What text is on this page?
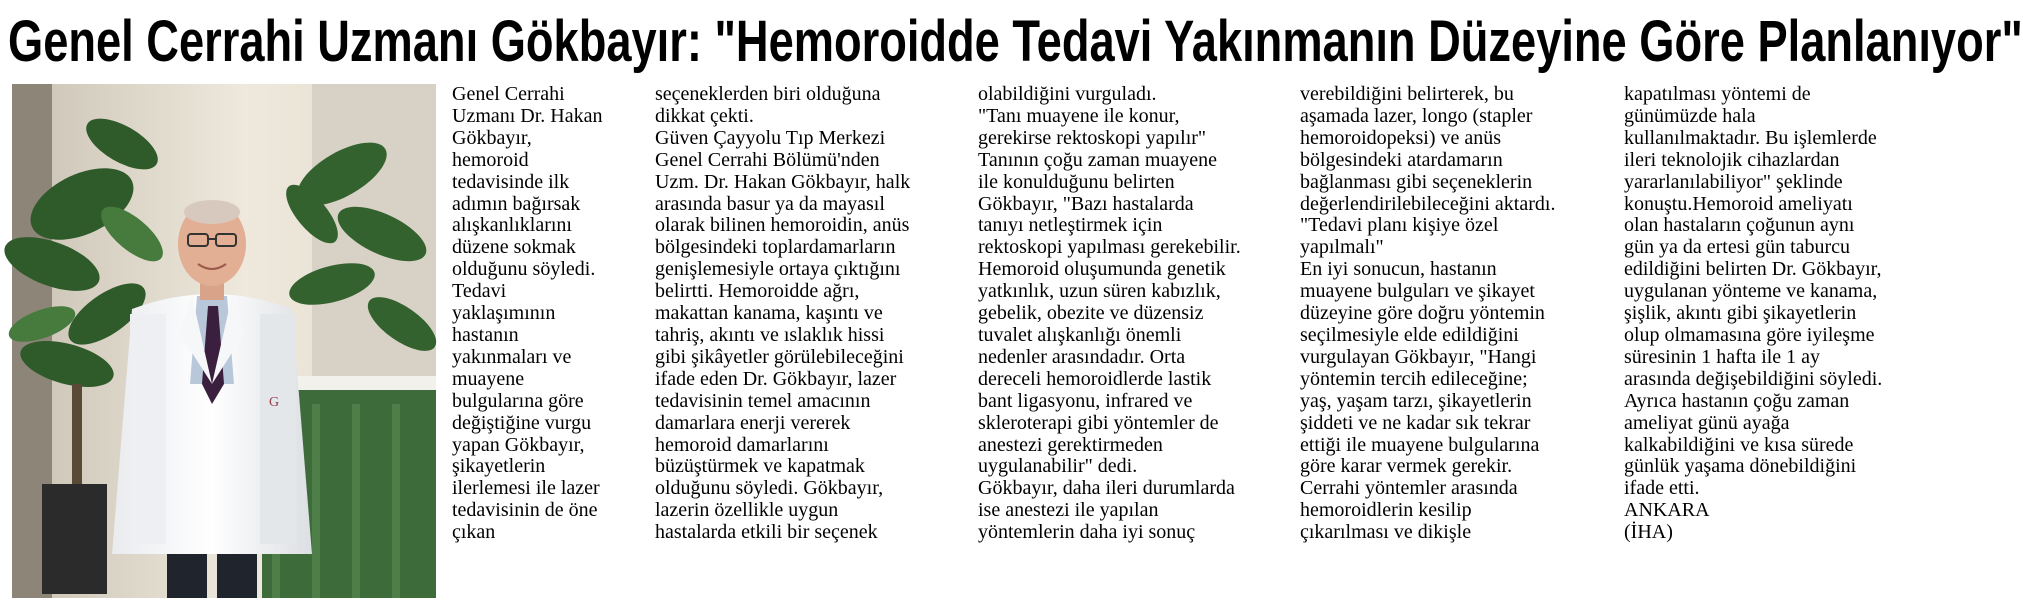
Genel Cerrahi Uzmanı Gökbayır: "Hemoroidde Tedavi Yakınmanın Düzeyine Göre Planlanıyor"
G
Genel Cerrahi
Uzmanı Dr. Hakan
Gökbayır,
hemoroid
tedavisinde ilk
adımın bağırsak
alışkanlıklarını
düzene sokmak
olduğunu söyledi.
Tedavi
yaklaşımının
hastanın
yakınmaları ve
muayene
bulgularına göre
değiştiğine vurgu
yapan Gökbayır,
şikayetlerin
ilerlemesi ile lazer
tedavisinin de öne
çıkan
seçeneklerden biri olduğuna
dikkat çekti.
Güven Çayyolu Tıp Merkezi
Genel Cerrahi Bölümü'nden
Uzm. Dr. Hakan Gökbayır, halk
arasında basur ya da mayasıl
olarak bilinen hemoroidin, anüs
bölgesindeki toplardamarların
genişlemesiyle ortaya çıktığını
belirtti. Hemoroidde ağrı,
makattan kanama, kaşıntı ve
tahriş, akıntı ve ıslaklık hissi
gibi şikâyetler görülebileceğini
ifade eden Dr. Gökbayır, lazer
tedavisinin temel amacının
damarlara enerji vererek
hemoroid damarlarını
büzüştürmek ve kapatmak
olduğunu söyledi. Gökbayır,
lazerin özellikle uygun
hastalarda etkili bir seçenek
olabildiğini vurguladı.
"Tanı muayene ile konur,
gerekirse rektoskopi yapılır"
Tanının çoğu zaman muayene
ile konulduğunu belirten
Gökbayır, "Bazı hastalarda
tanıyı netleştirmek için
rektoskopi yapılması gerekebilir.
Hemoroid oluşumunda genetik
yatkınlık, uzun süren kabızlık,
gebelik, obezite ve düzensiz
tuvalet alışkanlığı önemli
nedenler arasındadır. Orta
dereceli hemoroidlerde lastik
bant ligasyonu, infrared ve
skleroterapi gibi yöntemler de
anestezi gerektirmeden
uygulanabilir" dedi.
Gökbayır, daha ileri durumlarda
ise anestezi ile yapılan
yöntemlerin daha iyi sonuç
verebildiğini belirterek, bu
aşamada lazer, longo (stapler
hemoroidopeksi) ve anüs
bölgesindeki atardamarın
bağlanması gibi seçeneklerin
değerlendirilebileceğini aktardı.
"Tedavi planı kişiye özel
yapılmalı"
En iyi sonucun, hastanın
muayene bulguları ve şikayet
düzeyine göre doğru yöntemin
seçilmesiyle elde edildiğini
vurgulayan Gökbayır, "Hangi
yöntemin tercih edileceğine;
yaş, yaşam tarzı, şikayetlerin
şiddeti ve ne kadar sık tekrar
ettiği ile muayene bulgularına
göre karar vermek gerekir.
Cerrahi yöntemler arasında
hemoroidlerin kesilip
çıkarılması ve dikişle
kapatılması yöntemi de
günümüzde hala
kullanılmaktadır. Bu işlemlerde
ileri teknolojik cihazlardan
yararlanılabiliyor" şeklinde
konuştu.Hemoroid ameliyatı
olan hastaların çoğunun aynı
gün ya da ertesi gün taburcu
edildiğini belirten Dr. Gökbayır,
uygulanan yönteme ve kanama,
şişlik, akıntı gibi şikayetlerin
olup olmamasına göre iyileşme
süresinin 1 hafta ile 1 ay
arasında değişebildiğini söyledi.
Ayrıca hastanın çoğu zaman
ameliyat günü ayağa
kalkabildiğini ve kısa sürede
günlük yaşama dönebildiğini
ifade etti.
ANKARA
(İHA)
